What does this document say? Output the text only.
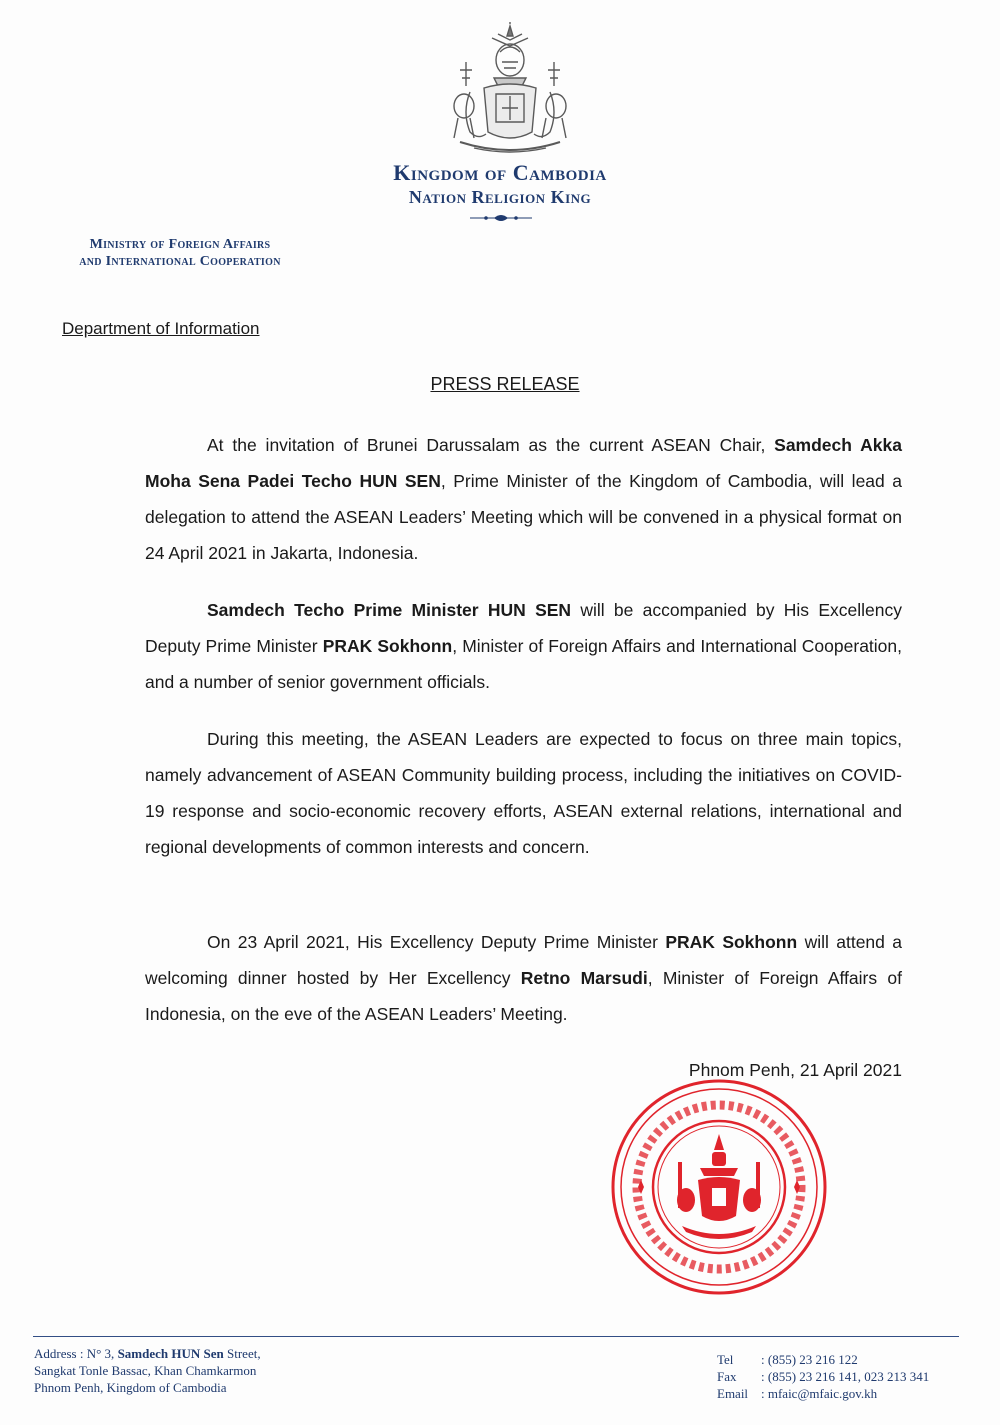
Kingdom of Cambodia
Nation Religion King
Ministry of Foreign Affairs
and International Cooperation
Department of Information
PRESS RELEASE

At the invitation of Brunei Darussalam as the current ASEAN Chair, Samdech Akka Moha Sena Padei Techo HUN SEN, Prime Minister of the Kingdom of Cambodia, will lead a delegation to attend the ASEAN Leaders’ Meeting which will be convened in a physical format on 24 April 2021 in Jakarta, Indonesia.

Samdech Techo Prime Minister HUN SEN will be accompanied by His Excellency Deputy Prime Minister PRAK Sokhonn, Minister of Foreign Affairs and International Cooperation, and a number of senior government officials.

During this meeting, the ASEAN Leaders are expected to focus on three main topics, namely advancement of ASEAN Community building process, including the initiatives on COVID-19 response and socio-economic recovery efforts, ASEAN external relations, international and regional developments of common interests and concern.

On 23 April 2021, His Excellency Deputy Prime Minister PRAK Sokhonn will attend a welcoming dinner hosted by Her Excellency Retno Marsudi, Minister of Foreign Affairs of Indonesia, on the eve of the ASEAN Leaders’ Meeting.

Phnom Penh, 21 April 2021
Address : N° 3, Samdech HUN Sen Street,
Sangkat Tonle Bassac, Khan Chamkarmon
Phnom Penh, Kingdom of Cambodia
Tel : (855) 23 216 122
Fax : (855) 23 216 141, 023 213 341
Email : mfaic@mfaic.gov.kh
